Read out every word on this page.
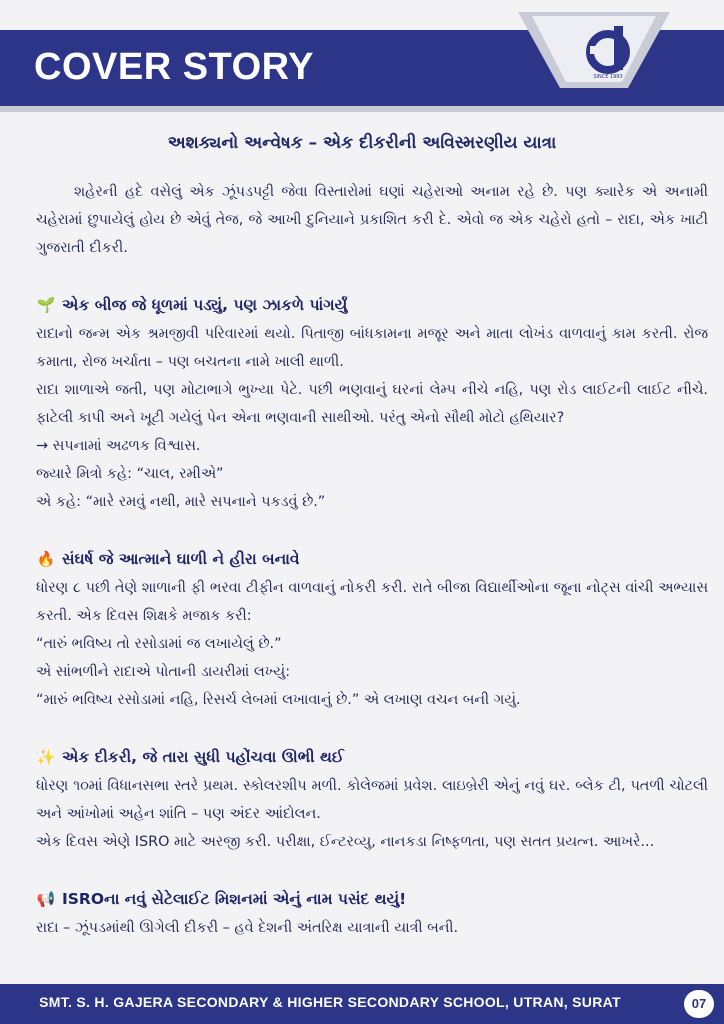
COVER STORY	SINCE 1993
અશક્યનો અન્વેષક – એક દીકરીની અવિસ્મરણીય યાત્રા

શહેરની હદે વસેલું એક ઝૂંપડપટ્ટી જેવા વિસ્તારોમાં ઘણાં ચહેરાઓ અનામ રહે છે. પણ ક્યારેક એ અનામી ચહેરામાં છુપાયેલું હોય છે એવું તેજ, જે આખી દુનિયાને પ્રકાશિત કરી દે. એવો જ એક ચહેરો હતો – રાદા, એક ખાટી ગુજરાતી દીકરી.

🌱 એક બીજ જે ધૂળમાં પડ્યું, પણ ઝાકળે પાંગર્યું

રાદાનો જન્મ એક શ્રમજીવી પરિવારમાં થયો. પિતાજી બાંધકામના મજૂર અને માતા લોખંડ વાળવાનું કામ કરતી. રોજ કમાતા, રોજ ખર્ચાતા – પણ બચતના નામે ખાલી થાળી.

રાદા શાળાએ જતી, પણ મોટાભાગે ભુખ્યા પેટે. પછી ભણવાનું ઘરનાં લેમ્પ નીચે નહિ, પણ રોડ લાઈટની લાઈટ નીચે. ફાટેલી કાપી અને ખૂટી ગયેલું પેન એના ભણવાની સાથીઓ. પરંતુ એનો સૌથી મોટો હથિયાર?

→ સપનામાં અઢળક વિશ્વાસ.

જ્યારે મિત્રો કહે: “ચાલ, રમીએ”

એ કહે: “મારે રમવું નથી, મારે સપનાને પકડવું છે.”

🔥 સંઘર્ષ જે આત્માને ઘાળી ને હીરા બનાવે

ધોરણ ૮ પછી તેણે શાળાની ફી ભરવા ટીફીન વાળવાનું નોકરી કરી. રાતે બીજા વિદ્યાર્થીઓના જૂના નોટ્સ વાંચી અભ્યાસ કરતી. એક દિવસ શિક્ષકે મજાક કરી:

“તારું ભવિષ્ય તો રસોડામાં જ લખાયેલું છે.”

એ સાંભળીને રાદાએ પોતાની ડાયરીમાં લખ્યું:

“મારું ભવિષ્ય રસોડામાં નહિ, રિસર્ચ લેબમાં લખાવાનું છે.” એ લખાણ વચન બની ગયું.

✨ એક દીકરી, જે તારા સુધી પહોંચવા ઊભી થઈ

ધોરણ ૧૦માં વિધાનસભા સ્તરે પ્રથમ. સ્કોલરશીપ મળી. કોલેજમાં પ્રવેશ. લાઇબ્રેરી એનું નવું ઘર. બ્લેક ટી, પતળી ચોટલી અને આંખોમાં અહેન શાંતિ – પણ અંદર આંદોલન.

એક દિવસ એણે ISRO માટે અરજી કરી. પરીક્ષા, ઈન્ટરવ્યુ, નાનકડા નિષ્ફળતા, પણ સતત પ્રયત્ન. આખરે...

📢 ISROના નવું સેટેલાઈટ મિશનમાં એનું નામ પસંદ થયું!

રાદા – ઝૂંપડમાંથી ઊગેલી દીકરી – હવે દેશની અંતરિક્ષ યાત્રાની યાત્રી બની.

SMT. S. H. GAJERA SECONDARY & HIGHER SECONDARY SCHOOL, UTRAN, SURAT	07
